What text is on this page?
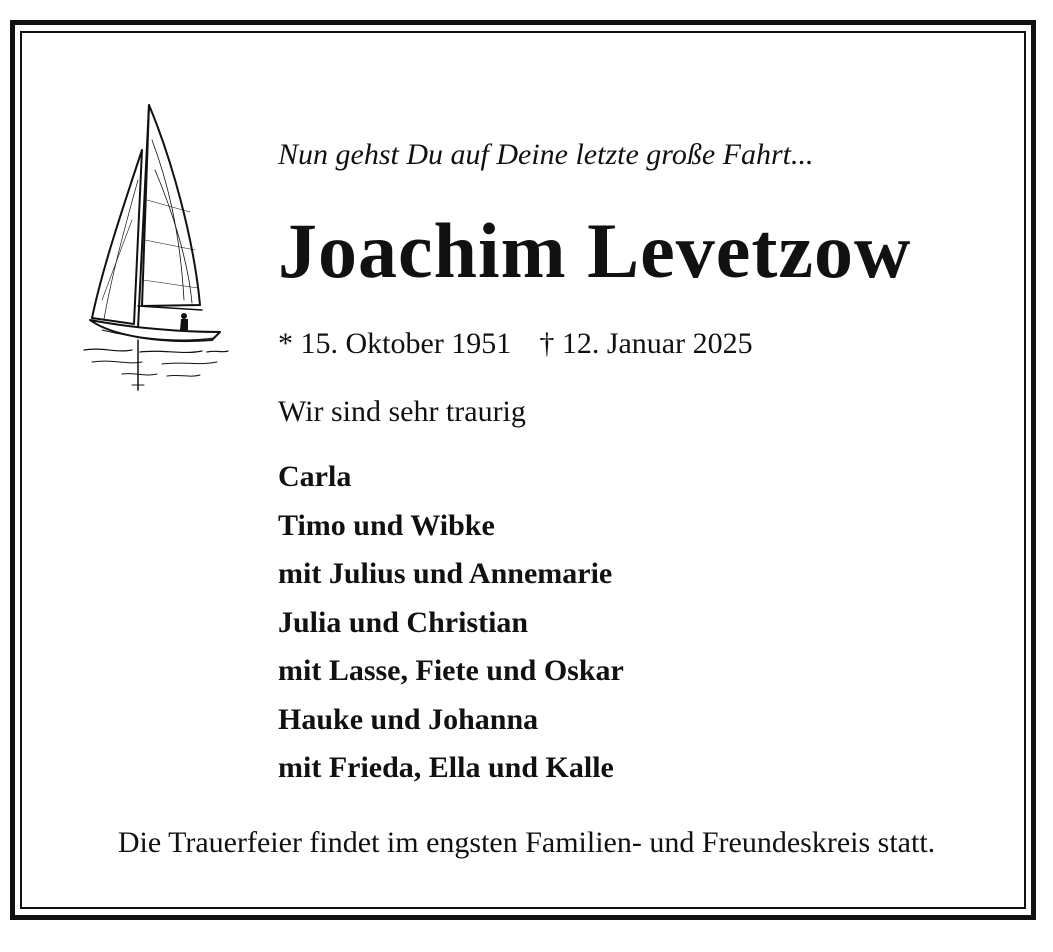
Nun gehst Du auf Deine letzte große Fahrt...
Joachim Levetzow
* 15. Oktober 1951 † 12. Januar 2025
Wir sind sehr traurig
Carla
Timo und Wibke
mit Julius und Annemarie
Julia und Christian
mit Lasse, Fiete und Oskar
Hauke und Johanna
mit Frieda, Ella und Kalle
Die Trauerfeier findet im engsten Familien- und Freundeskreis statt.
